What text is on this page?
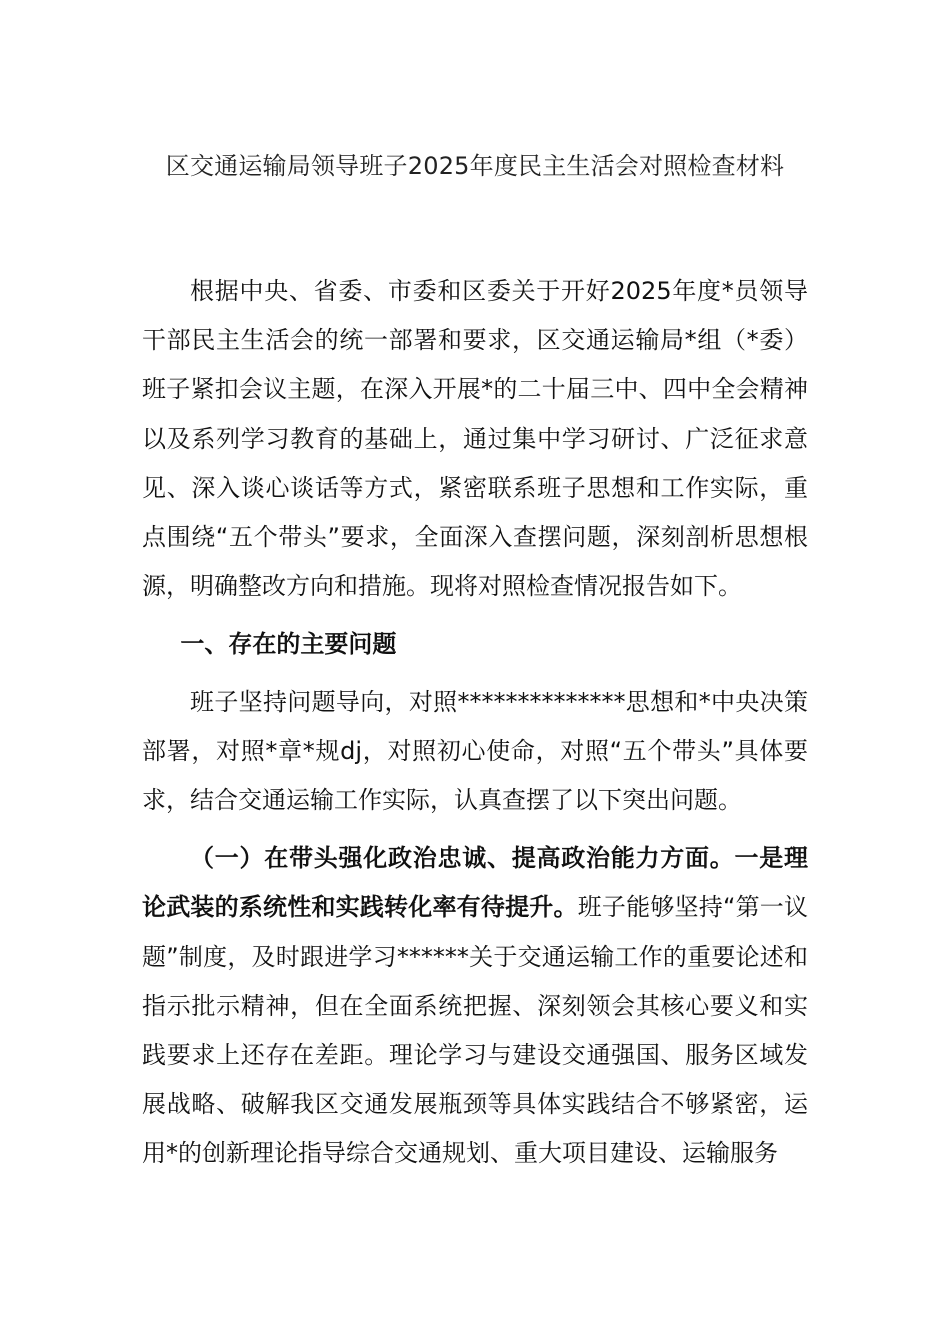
区交通运输局领导班子2025年度民主生活会对照检查材料

根据中央、省委、市委和区委关于开好2025年度*员领导干部民主生活会的统一部署和要求，区交通运输局*组（*委）班子紧扣会议主题，在深入开展*的二十届三中、四中全会精神以及系列学习教育的基础上，通过集中学习研讨、广泛征求意见、深入谈心谈话等方式，紧密联系班子思想和工作实际，重点围绕“五个带头”要求，全面深入查摆问题，深刻剖析思想根源，明确整改方向和措施。现将对照检查情况报告如下。

一、存在的主要问题

班子坚持问题导向，对照**************思想和*中央决策部署，对照*章*规dj，对照初心使命，对照“五个带头”具体要求，结合交通运输工作实际，认真查摆了以下突出问题。

（一）在带头强化政治忠诚、提高政治能力方面。一是理论武装的系统性和实践转化率有待提升。班子能够坚持“第一议题”制度，及时跟进学习******关于交通运输工作的重要论述和指示批示精神，但在全面系统把握、深刻领会其核心要义和实践要求上还存在差距。理论学习与建设交通强国、服务区域发展战略、破解我区交通发展瓶颈等具体实践结合不够紧密，运用*的创新理论指导综合交通规划、重大项目建设、运输服务
